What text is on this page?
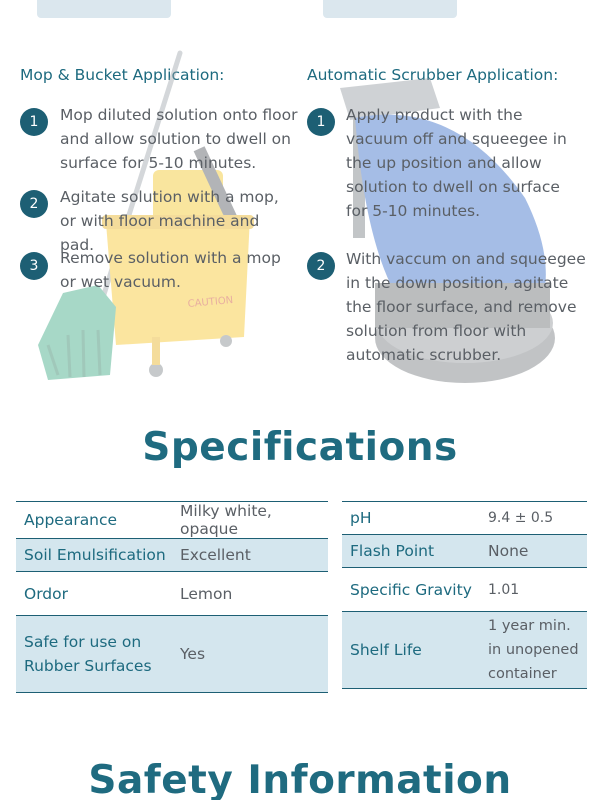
CAUTION
Mop & Bucket Application:	Automatic Scrubber Application:
1	Mop diluted solution onto floor and allow solution to dwell on surface for 5-10 minutes.
2	Agitate solution with a mop, or with floor machine and pad.
3	Remove solution with a mop or wet vacuum.
1	Apply product with the vacuum off and squeegee in the up position and allow solution to dwell on surface for 5-10 minutes.
2	With vaccum on and squeegee in the down position, agitate the floor surface, and remove solution from floor with automatic scrubber.
Specifications
Appearance	Milky white, opaque
Soil Emulsification	Excellent
Ordor	Lemon
Safe for use on Rubber Surfaces	Yes
pH	9.4 ± 0.5
Flash Point	None
Specific Gravity	1.01
Shelf Life	1 year min. in unopened container
Safety Information
